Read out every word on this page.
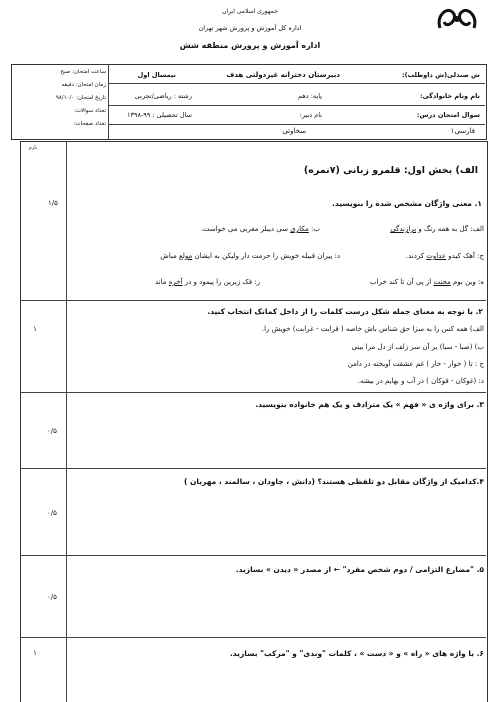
جمهوری اسلامی ایران
اداره کل آموزش و پرورش شهر تهران
اداره آموزش و پرورش منطقه شش
ساعت امتحان: صبح
زمان امتحان: دقیقه
تاریخ امتحان: ۹۸/۱۰/۰
تعداد سوالات:
تعداد صفحات:
ش صندلی(ش داوطلب):
دبیرستان دخترانه غیردولتی هدف
نیمسال اول
نام ونام خانوادگی:
پایه: دهم
رشته : ریاضی/تجربی
سوال امتحان درس:
نام دبیر:
سال تحصیلی : ۹۹-۱۳۹۸
فارسی۱
سخاوتی
بارم
الف) بخش اول: قلمرو زبانی (۷نمره)
۱. معنی واژگان مشخص شده را بنویسید.
۱/۵
الف: گل به همه رنگ و برازندگی
ب: مکاری سی دیبلز مغربی می خواست.
ج: آهک کیدو عداوت کردند.
د: پیران قبیله خویش را حرمت دار ولیکن به ایشان مولع مباش
ه: وین بوم محنت از پی آن تا کند خراب
ر: فک زیرین را پیمود و در آخره ماند
۲. با توجه به معنای جمله شکل درست کلمات را از داخل کمانک انتخاب کنید.
۱	الف) همه کس را به سزا حق شناس باش خاصه ( قرابت - غرابت) خویش را.
ب) (صبا - سبا) بر آن سر زلف از دل مرا بینی
ج : تا ( خوار - خار ) غم عشقت آویخته در دامن
د: (غوکان - قوکان ) در آب و بهایم در بیشه.
۳. برای واژه ی « فهم » یک مترادف و یک هم خانواده بنویسید.
۰/۵
۴.کدامیک از واژگان مقابل دو تلفظی هستند؟ (دانش ، جاودان ، سالمند ، مهربان )
۰/۵
۵. "مضارع التزامی / دوم شخص مفرد" ← از مصدر « دیدن » بسازید.
۰/۵
۶. با واژه های « راه » و « دست » ، کلمات "وندی" و "مرکب" بسازید.
۱
